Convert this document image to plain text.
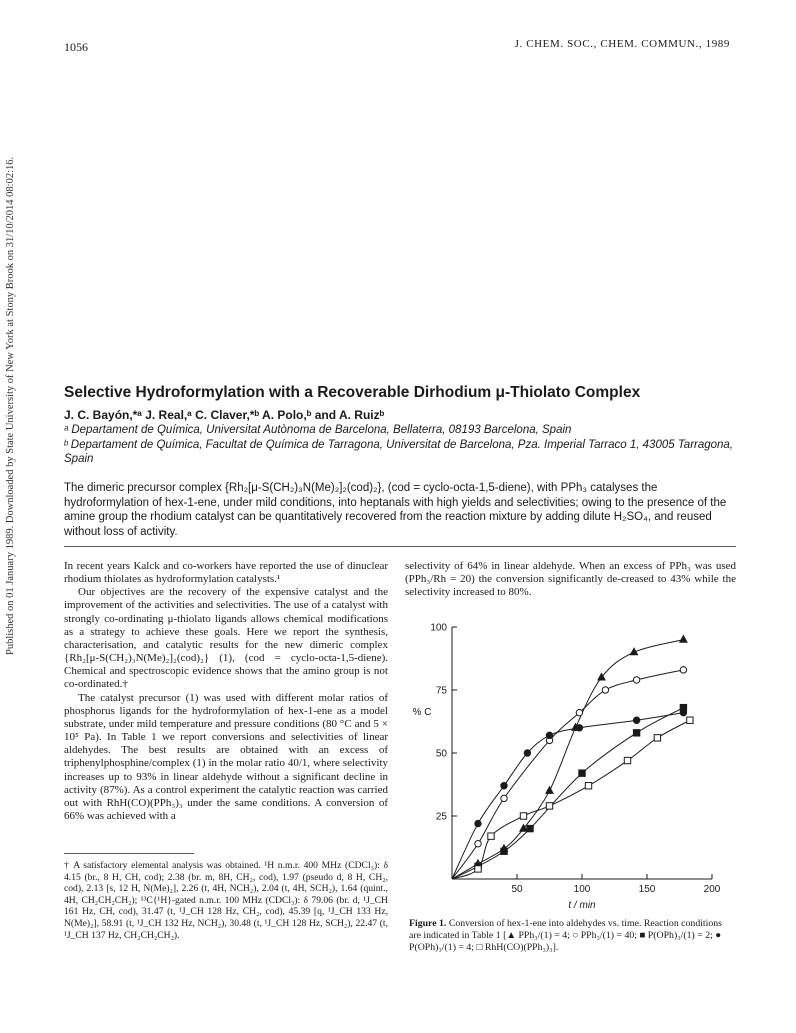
Published on 01 January 1989. Downloaded by State University of New York at Stony Brook on 31/10/2014 08:02:16.
1056	J. CHEM. SOC., CHEM. COMMUN., 1989
Selective Hydroformylation with a Recoverable Dirhodium μ-Thiolato Complex
J. C. Bayón,*ᵃ J. Real,ᵃ C. Claver,*ᵇ A. Polo,ᵇ and A. Ruizᵇ
ᵃ Departament de Química, Universitat Autònoma de Barcelona, Bellaterra, 08193 Barcelona, Spain
ᵇ Departament de Química, Facultat de Química de Tarragona, Universitat de Barcelona, Pza. Imperial Tarraco 1, 43005 Tarragona, Spain
The dimeric precursor complex {Rh₂[μ-S(CH₂)₃N(Me)₂]₂(cod)₂}, (cod = cyclo-octa-1,5-diene), with PPh₃ catalyses the hydroformylation of hex-1-ene, under mild conditions, into heptanals with high yields and selectivities; owing to the presence of the amine group the rhodium catalyst can be quantitatively recovered from the reaction mixture by adding dilute H₂SO₄, and reused without loss of activity.

In recent years Kalck and co-workers have reported the use of dinuclear rhodium thiolates as hydroformylation catalysts.¹

Our objectives are the recovery of the expensive catalyst and the improvement of the activities and selectivities. The use of a catalyst with strongly co-ordinating μ-thiolato ligands allows chemical modifications as a strategy to achieve these goals. Here we report the synthesis, characterisation, and catalytic results for the new dimeric complex {Rh₂[μ-S(CH₂)₃N(Me)₂]₂(cod)₂} (1), (cod = cyclo-octa-1,5-diene). Chemical and spectroscopic evidence shows that the amino group is not co-ordinated.†

The catalyst precursor (1) was used with different molar ratios of phosphorus ligands for the hydroformylation of hex-1-ene as a model substrate, under mild temperature and pressure conditions (80 °C and 5 × 10⁵ Pa). In Table 1 we report conversions and selectivities of linear aldehydes. The best results are obtained with an excess of triphenylphosphine/complex (1) in the molar ratio 40/1, where selectivity increases up to 93% in linear aldehyde without a significant decline in activity (87%). As a control experiment the catalytic reaction was carried out with RhH(CO)(PPh₃)₃ under the same conditions. A conversion of 66% was achieved with a

selectivity of 64% in linear aldehyde. When an excess of PPh₃ was used (PPh₃/Rh = 20) the conversion significantly de-creased to 43% while the selectivity increased to 80%.
† A satisfactory elemental analysis was obtained. ¹H n.m.r. 400 MHz (CDCl₃): δ 4.15 (br., 8 H, CH, cod); 2.38 (br. m, 8H, CH₂, cod), 1.97 (pseudo d, 8 H, CH₂, cod), 2.13 [s, 12 H, N(Me)₂], 2.26 (t, 4H, NCH₂), 2.04 (t, 4H, SCH₂), 1.64 (quint., 4H, CH₂CH₂CH₂); ¹³C{¹H}-gated n.m.r. 100 MHz (CDCl₃): δ 79.06 (br. d, ¹J_CH 161 Hz, CH, cod), 31.47 (t, ¹J_CH 128 Hz, CH₂, cod), 45.39 [q, ¹J_CH 133 Hz, N(Me)₂], 58.91 (t, ¹J_CH 132 Hz, NCH₂), 30.48 (t, ¹J_CH 128 Hz, SCH₂), 22.47 (t, ¹J_CH 137 Hz, CH₂CH₂CH₂).
50	100	150	200
25
50
75
100
t / min
% C
Figure 1. Conversion of hex-1-ene into aldehydes vs. time. Reaction conditions are indicated in Table 1 [▲ PPh₃/(1) = 4; ○ PPh₃/(1) = 40; ■ P(OPh)₃/(1) = 2; ● P(OPh)₃/(1) = 4; □ RhH(CO)(PPh₃)₃].
